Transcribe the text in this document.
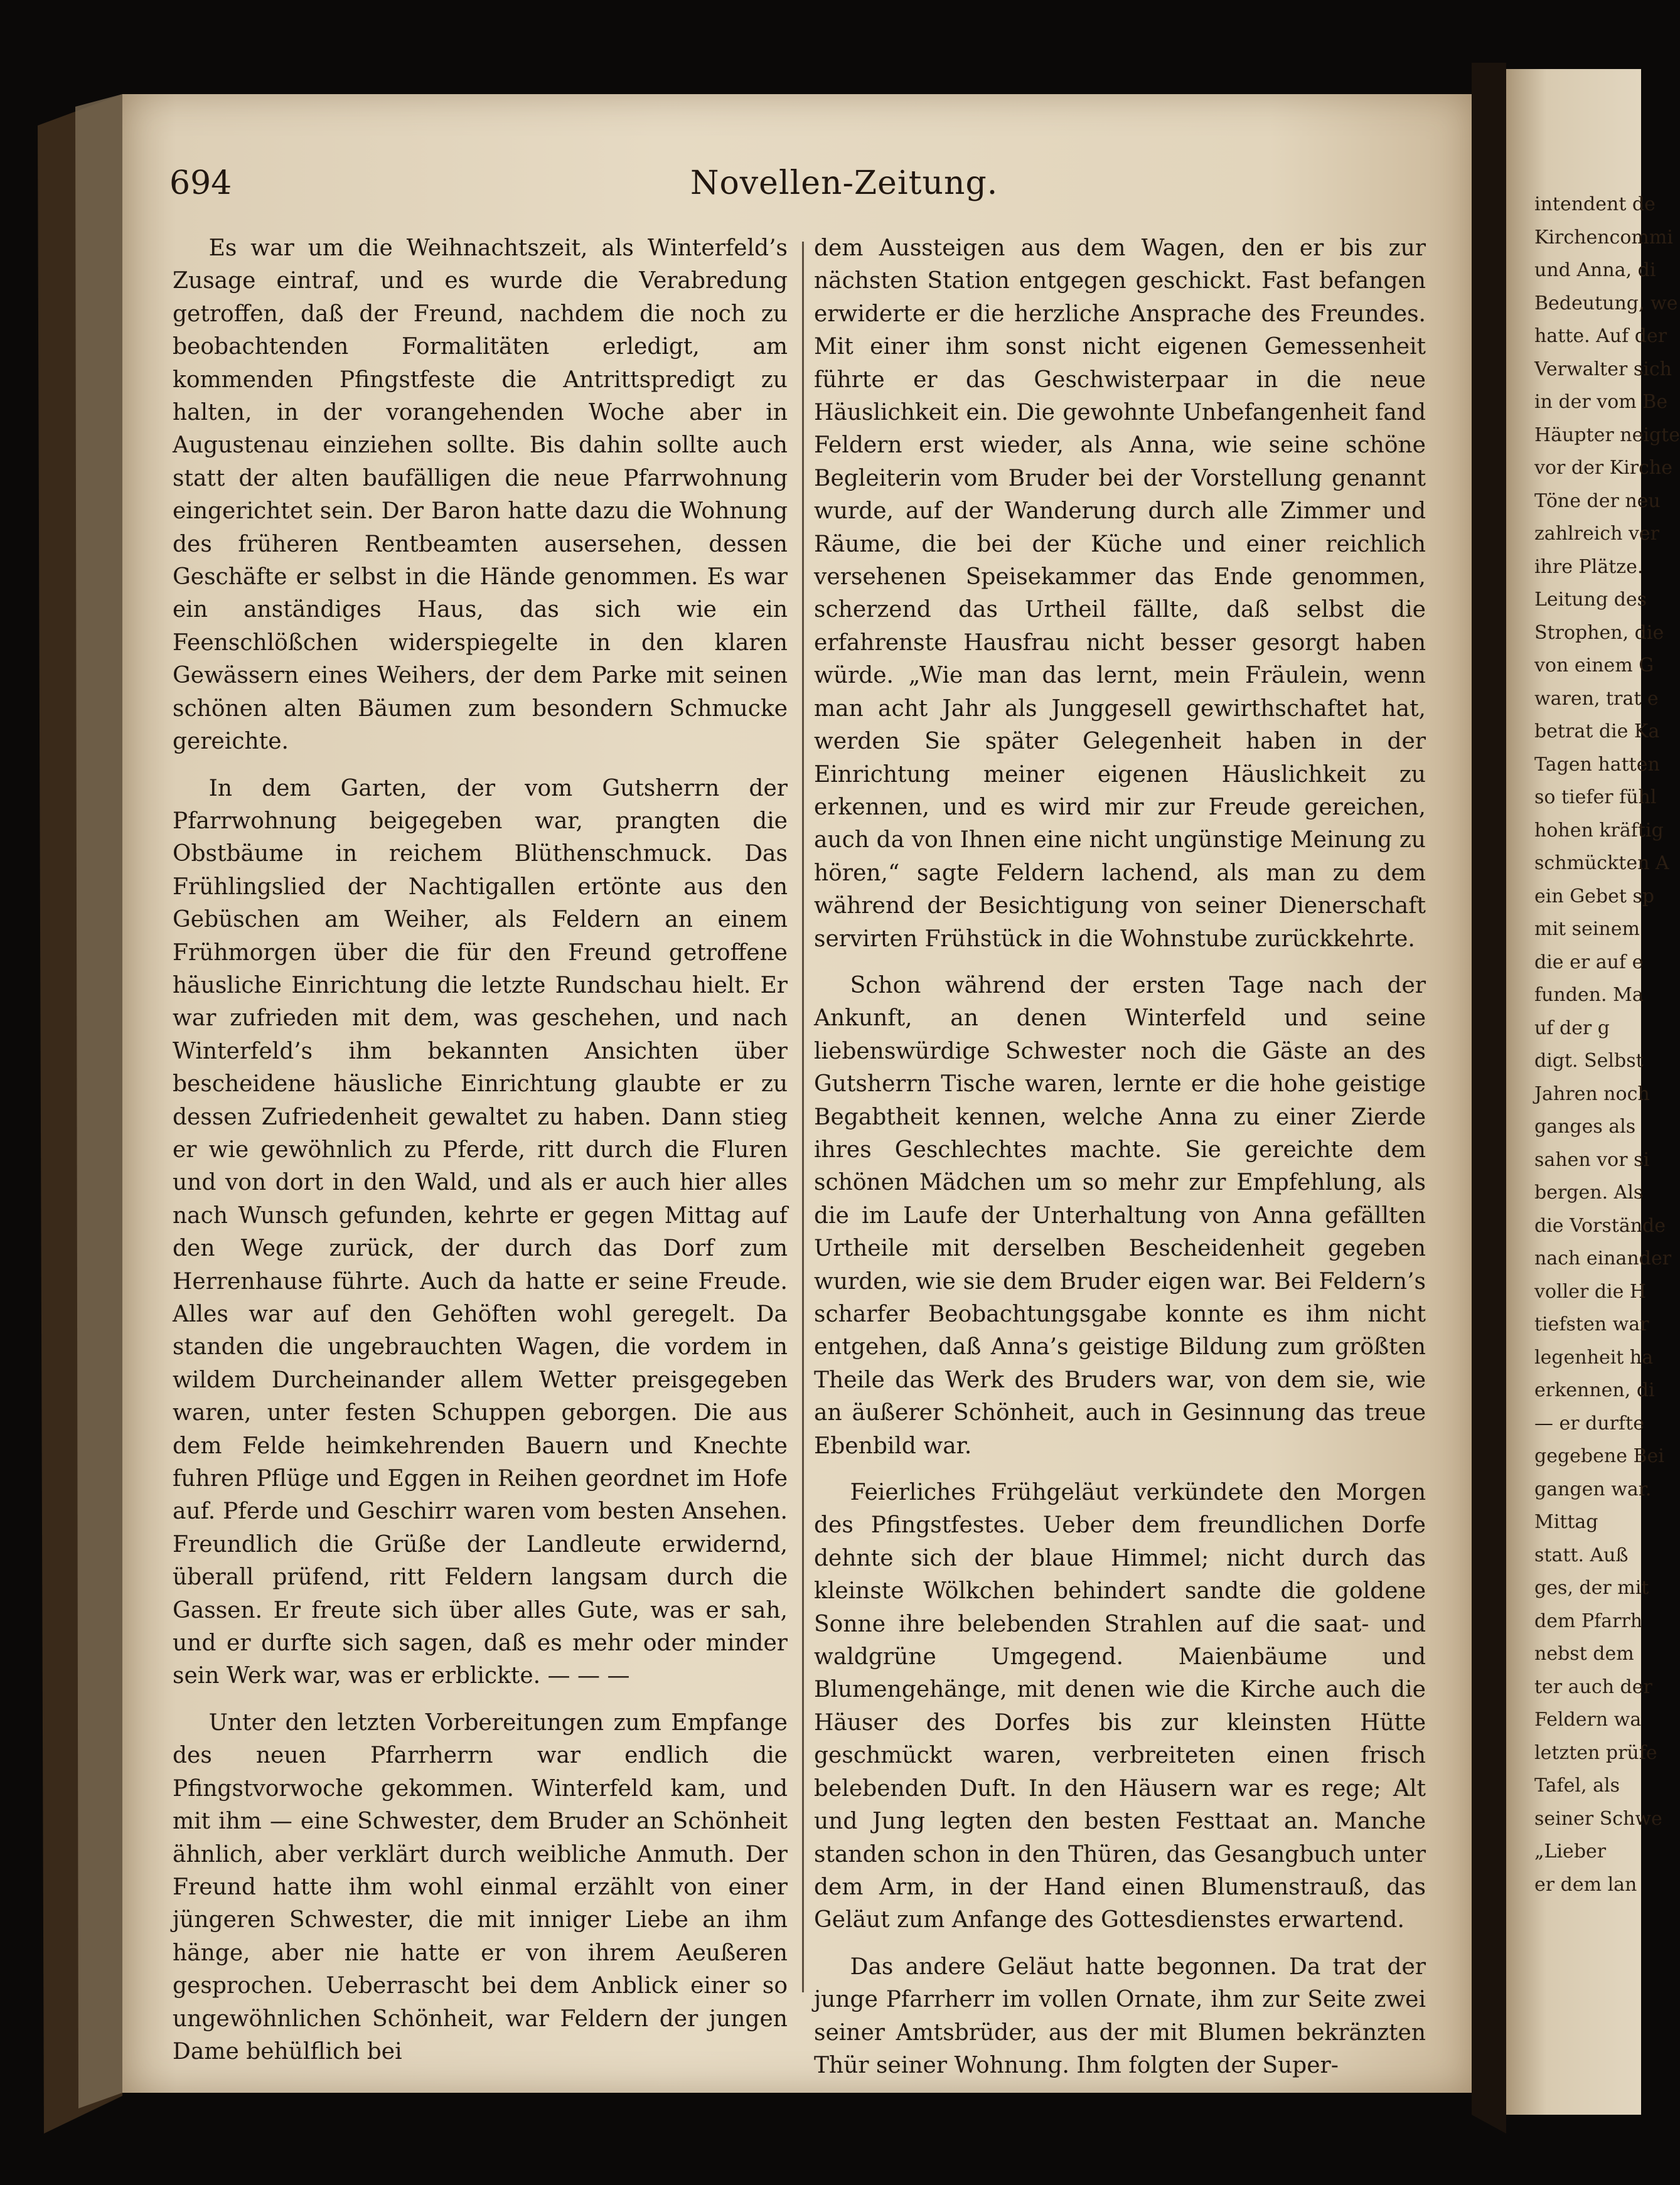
694	Novellen-Zeitung.

Es war um die Weihnachtszeit, als Winterfeld’s Zusage eintraf, und es wurde die Verabredung getroffen, daß der Freund, nachdem die noch zu beobachtenden Formalitäten erledigt, am kommenden Pfingstfeste die Antrittspredigt zu halten, in der vorangehenden Woche aber in Augustenau einziehen sollte. Bis dahin sollte auch statt der alten baufälligen die neue Pfarrwohnung eingerichtet sein. Der Baron hatte dazu die Wohnung des früheren Rentbeamten ausersehen, dessen Geschäfte er selbst in die Hände genommen. Es war ein anständiges Haus, das sich wie ein Feenschlößchen widerspiegelte in den klaren Gewässern eines Weihers, der dem Parke mit seinen schönen alten Bäumen zum besondern Schmucke gereichte.

In dem Garten, der vom Gutsherrn der Pfarrwohnung beigegeben war, prangten die Obstbäume in reichem Blüthenschmuck. Das Frühlingslied der Nachtigallen ertönte aus den Gebüschen am Weiher, als Feldern an einem Frühmorgen über die für den Freund getroffene häusliche Einrichtung die letzte Rundschau hielt. Er war zufrieden mit dem, was geschehen, und nach Winterfeld’s ihm bekannten Ansichten über bescheidene häusliche Einrichtung glaubte er zu dessen Zufriedenheit gewaltet zu haben. Dann stieg er wie gewöhnlich zu Pferde, ritt durch die Fluren und von dort in den Wald, und als er auch hier alles nach Wunsch gefunden, kehrte er gegen Mittag auf den Wege zurück, der durch das Dorf zum Herrenhause führte. Auch da hatte er seine Freude. Alles war auf den Gehöften wohl geregelt. Da standen die ungebrauchten Wagen, die vordem in wildem Durcheinander allem Wetter preisgegeben waren, unter festen Schuppen geborgen. Die aus dem Felde heimkehrenden Bauern und Knechte fuhren Pflüge und Eggen in Reihen geordnet im Hofe auf. Pferde und Geschirr waren vom besten Ansehen. Freundlich die Grüße der Landleute erwidernd, überall prüfend, ritt Feldern langsam durch die Gassen. Er freute sich über alles Gute, was er sah, und er durfte sich sagen, daß es mehr oder minder sein Werk war, was er erblickte. — — —

Unter den letzten Vorbereitungen zum Empfange des neuen Pfarrherrn war endlich die Pfingstvorwoche gekommen. Winterfeld kam, und mit ihm — eine Schwester, dem Bruder an Schönheit ähnlich, aber verklärt durch weibliche Anmuth. Der Freund hatte ihm wohl einmal erzählt von einer jüngeren Schwester, die mit inniger Liebe an ihm hänge, aber nie hatte er von ihrem Aeußeren gesprochen. Ueberrascht bei dem Anblick einer so ungewöhnlichen Schönheit, war Feldern der jungen Dame behülflich bei

dem Aussteigen aus dem Wagen, den er bis zur nächsten Station entgegen geschickt. Fast befangen erwiderte er die herzliche Ansprache des Freundes. Mit einer ihm sonst nicht eigenen Gemessenheit führte er das Geschwisterpaar in die neue Häuslichkeit ein. Die gewohnte Unbefangenheit fand Feldern erst wieder, als Anna, wie seine schöne Begleiterin vom Bruder bei der Vorstellung genannt wurde, auf der Wanderung durch alle Zimmer und Räume, die bei der Küche und einer reichlich versehenen Speisekammer das Ende genommen, scherzend das Urtheil fällte, daß selbst die erfahrenste Hausfrau nicht besser gesorgt haben würde. „Wie man das lernt, mein Fräulein, wenn man acht Jahr als Junggesell gewirthschaftet hat, werden Sie später Gelegenheit haben in der Einrichtung meiner eigenen Häuslichkeit zu erkennen, und es wird mir zur Freude gereichen, auch da von Ihnen eine nicht ungünstige Meinung zu hören,“ sagte Feldern lachend, als man zu dem während der Besichtigung von seiner Dienerschaft servirten Frühstück in die Wohnstube zurückkehrte.

Schon während der ersten Tage nach der Ankunft, an denen Winterfeld und seine liebenswürdige Schwester noch die Gäste an des Gutsherrn Tische waren, lernte er die hohe geistige Begabtheit kennen, welche Anna zu einer Zierde ihres Geschlechtes machte. Sie gereichte dem schönen Mädchen um so mehr zur Empfehlung, als die im Laufe der Unterhaltung von Anna gefällten Urtheile mit derselben Bescheidenheit gegeben wurden, wie sie dem Bruder eigen war. Bei Feldern’s scharfer Beobachtungsgabe konnte es ihm nicht entgehen, daß Anna’s geistige Bildung zum größten Theile das Werk des Bruders war, von dem sie, wie an äußerer Schönheit, auch in Gesinnung das treue Ebenbild war.

Feierliches Frühgeläut verkündete den Morgen des Pfingstfestes. Ueber dem freundlichen Dorfe dehnte sich der blaue Himmel; nicht durch das kleinste Wölkchen behindert sandte die goldene Sonne ihre belebenden Strahlen auf die saat- und waldgrüne Umgegend. Maienbäume und Blumengehänge, mit denen wie die Kirche auch die Häuser des Dorfes bis zur kleinsten Hütte geschmückt waren, verbreiteten einen frisch belebenden Duft. In den Häusern war es rege; Alt und Jung legten den besten Festtaat an. Manche standen schon in den Thüren, das Gesangbuch unter dem Arm, in der Hand einen Blumenstrauß, das Geläut zum Anfange des Gottesdienstes erwartend.

Das andere Geläut hatte begonnen. Da trat der junge Pfarrherr im vollen Ornate, ihm zur Seite zwei seiner Amtsbrüder, aus der mit Blumen bekränzten Thür seiner Wohnung. Ihm folgten der Super-

intendent de
Kirchencommi
und Anna, di
Bedeutung, we
hatte. Auf der
Verwalter sich
in der vom Be
Häupter neigte
vor der Kirche
Töne der neu
zahlreich ver
ihre Plätze.
Leitung des
Strophen, die
von einem G
waren, trat e
betrat die Ka
Tagen hatten
so tiefer fühl
hohen kräftig
schmückten A
ein Gebet sp
mit seinem
die er auf e
funden. Ma
uf der g
digt. Selbst
Jahren noch
ganges als
sahen vor si
bergen. Als
die Vorstände
nach einander
voller die H
tiefsten war
legenheit ha
erkennen, di
— er durfte
gegebene Bei
gangen war.
Mittag
statt. Auß
ges, der mit
dem Pfarrh
nebst dem
ter auch der
Feldern wa
letzten prüfe
Tafel, als
seiner Schwe
„Lieber
er dem lan
